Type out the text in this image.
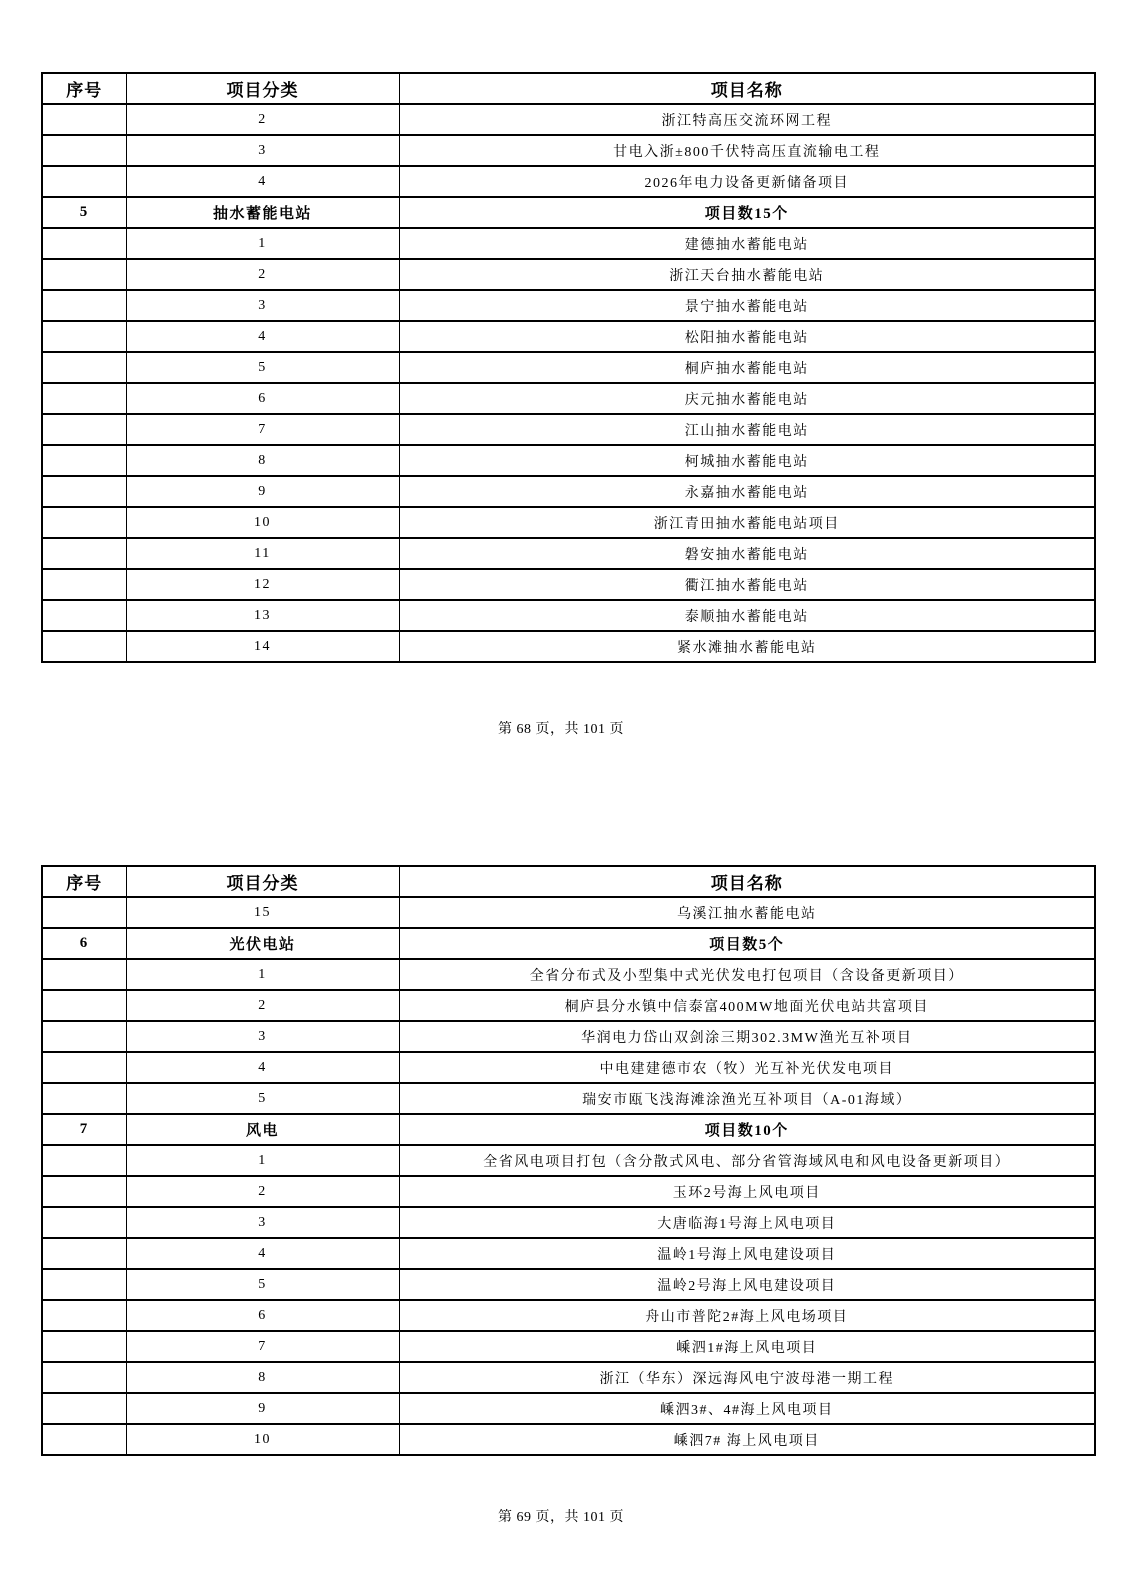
序号	项目分类	项目名称
	2	浙江特高压交流环网工程
	3	甘电入浙±800千伏特高压直流输电工程
	4	2026年电力设备更新储备项目
5	抽水蓄能电站	项目数15个
	1	建德抽水蓄能电站
	2	浙江天台抽水蓄能电站
	3	景宁抽水蓄能电站
	4	松阳抽水蓄能电站
	5	桐庐抽水蓄能电站
	6	庆元抽水蓄能电站
	7	江山抽水蓄能电站
	8	柯城抽水蓄能电站
	9	永嘉抽水蓄能电站
	10	浙江青田抽水蓄能电站项目
	11	磐安抽水蓄能电站
	12	衢江抽水蓄能电站
	13	泰顺抽水蓄能电站
	14	紧水滩抽水蓄能电站
第 68 页，共 101 页
序号	项目分类	项目名称
	15	乌溪江抽水蓄能电站
6	光伏电站	项目数5个
	1	全省分布式及小型集中式光伏发电打包项目（含设备更新项目）
	2	桐庐县分水镇中信泰富400MW地面光伏电站共富项目
	3	华润电力岱山双剑涂三期302.3MW渔光互补项目
	4	中电建建德市农（牧）光互补光伏发电项目
	5	瑞安市瓯飞浅海滩涂渔光互补项目（A-01海域）
7	风电	项目数10个
	1	全省风电项目打包（含分散式风电、部分省管海域风电和风电设备更新项目）
	2	玉环2号海上风电项目
	3	大唐临海1号海上风电项目
	4	温岭1号海上风电建设项目
	5	温岭2号海上风电建设项目
	6	舟山市普陀2#海上风电场项目
	7	嵊泗1#海上风电项目
	8	浙江（华东）深远海风电宁波母港一期工程
	9	嵊泗3#、4#海上风电项目
	10	嵊泗7# 海上风电项目
第 69 页，共 101 页
